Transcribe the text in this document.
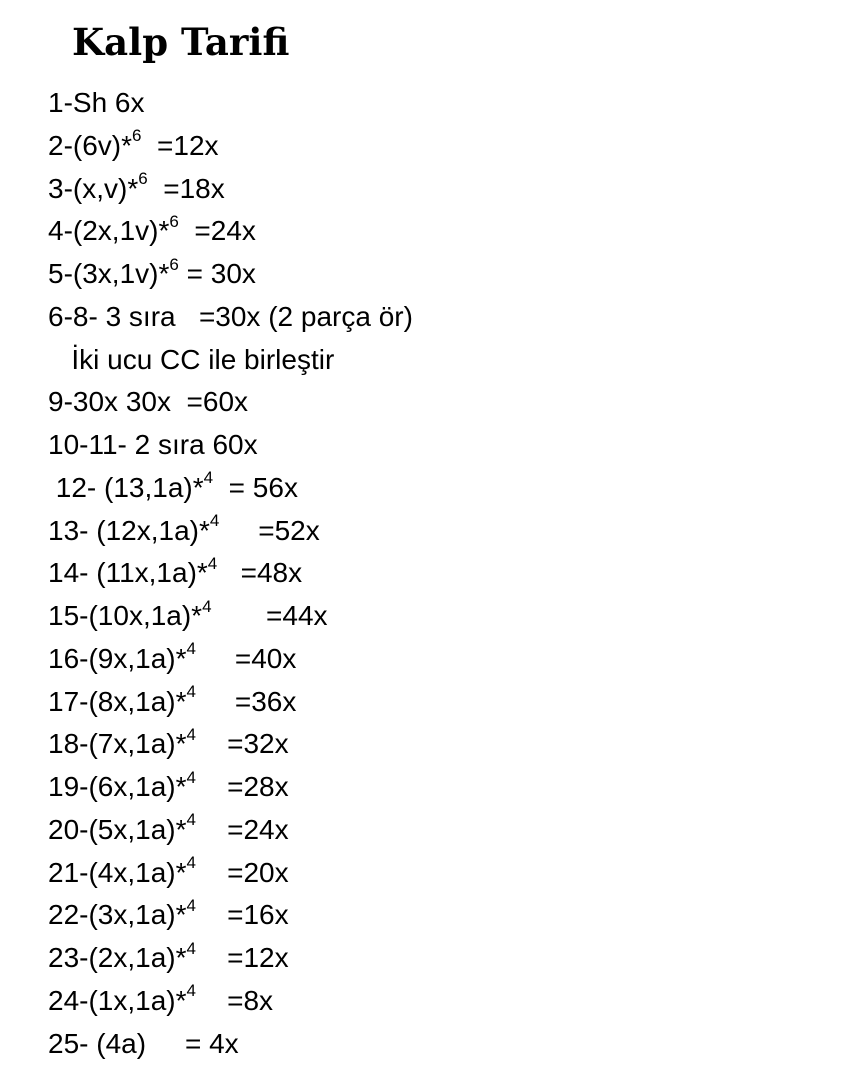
Kalp Tarifi
1-Sh 6x
2-(6v)*$^6$  =12x
3-(x,v)*$^6$  =18x
4-(2x,1v)*$^6$  =24x
5-(3x,1v)*$^6$ = 30x
6-8- 3 sıra   =30x (2 parça ör)
İki ucu CC ile birleştir
9-30x 30x  =60x
10-11- 2 sıra 60x
12- (13,1a)*$^4$  = 56x
13- (12x,1a)*$^4$     =52x
14- (11x,1a)*$^4$   =48x
15-(10x,1a)*$^4$       =44x
16-(9x,1a)*$^4$     =40x
17-(8x,1a)*$^4$     =36x
18-(7x,1a)*$^4$    =32x
19-(6x,1a)*$^4$    =28x
20-(5x,1a)*$^4$    =24x
21-(4x,1a)*$^4$    =20x
22-(3x,1a)*$^4$    =16x
23-(2x,1a)*$^4$    =12x
24-(1x,1a)*$^4$    =8x
25- (4a)     = 4x
